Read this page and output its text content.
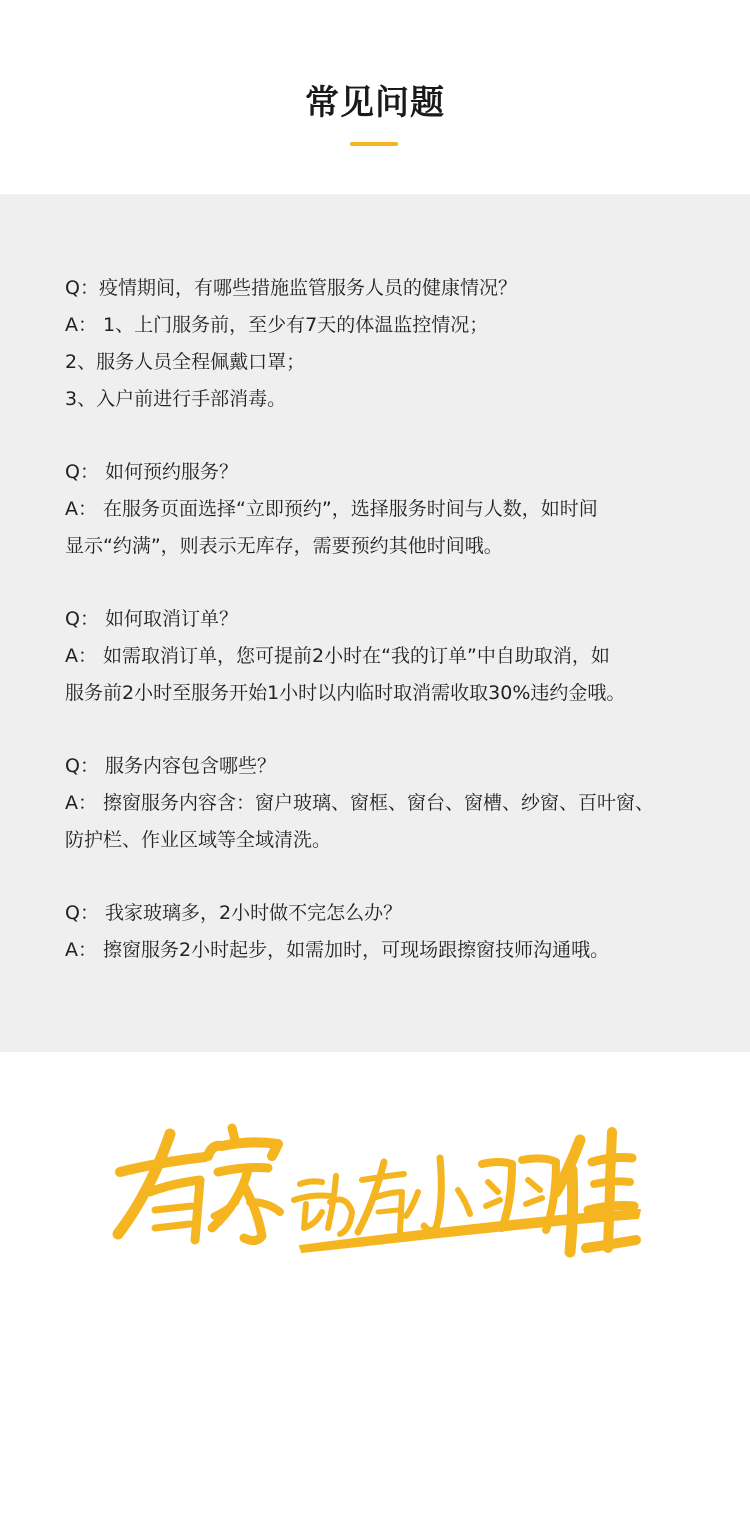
常见问题
Q：疫情期间，有哪些措施监管服务人员的健康情况？
A： 1、上门服务前，至少有7天的体温监控情况；
2、服务人员全程佩戴口罩；
3、入户前进行手部消毒。
Q： 如何预约服务？
A： 在服务页面选择“立即预约”，选择服务时间与人数，如时间
显示“约满”，则表示无库存，需要预约其他时间哦。
Q： 如何取消订单？
A： 如需取消订单，您可提前2小时在“我的订单”中自助取消，如
服务前2小时至服务开始1小时以内临时取消需收取30%违约金哦。
Q： 服务内容包含哪些？
A： 擦窗服务内容含：窗户玻璃、窗框、窗台、窗槽、纱窗、百叶窗、
防护栏、作业区域等全域清洗。
Q： 我家玻璃多，2小时做不完怎么办？
A： 擦窗服务2小时起步，如需加时，可现场跟擦窗技师沟通哦。
